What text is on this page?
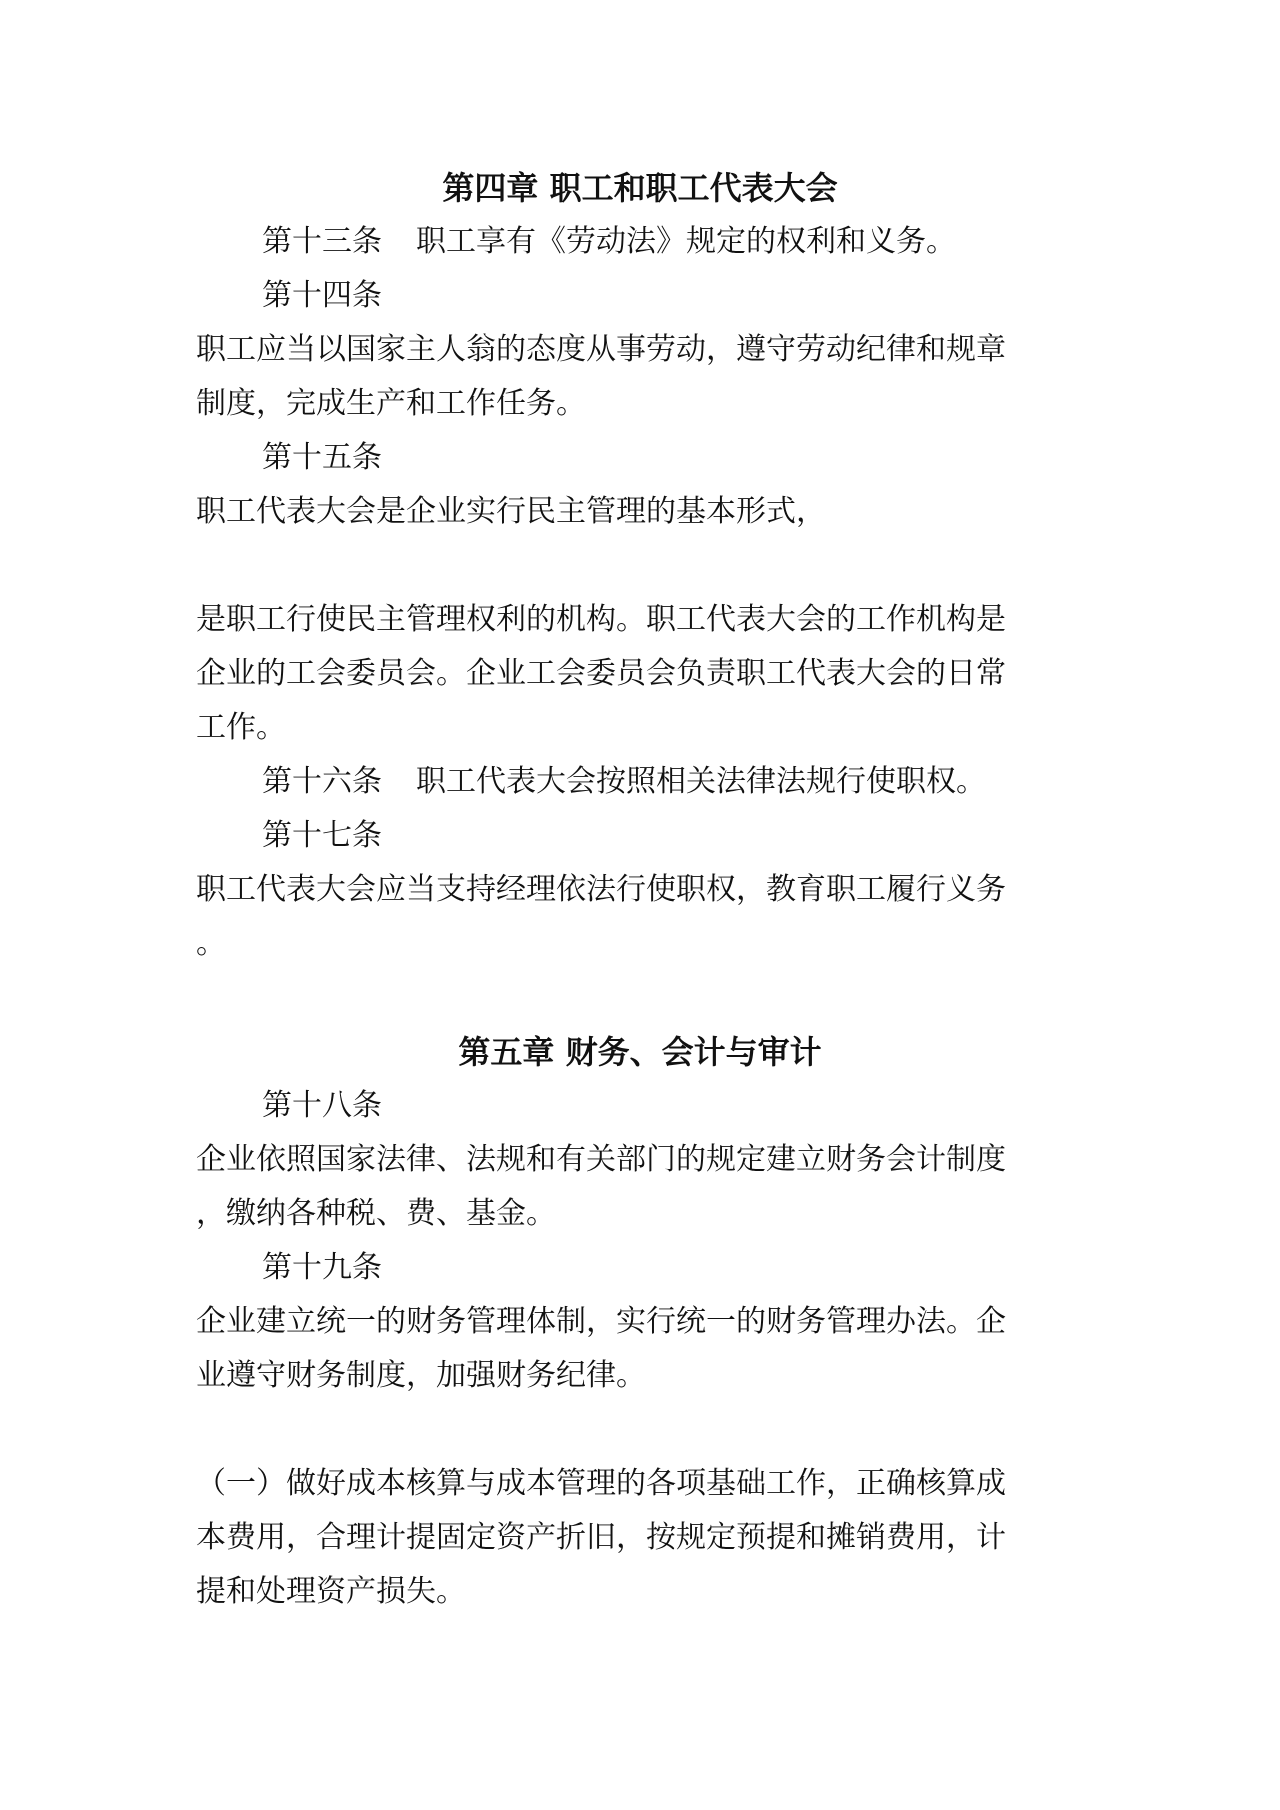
第四章 职工和职工代表大会
第十三条 职工享有《劳动法》规定的权利和义务。
第十四条
职工应当以国家主人翁的态度从事劳动，遵守劳动纪律和规章
制度，完成生产和工作任务。
第十五条
职工代表大会是企业实行民主管理的基本形式，
是职工行使民主管理权利的机构。职工代表大会的工作机构是
企业的工会委员会。企业工会委员会负责职工代表大会的日常
工作。
第十六条 职工代表大会按照相关法律法规行使职权。
第十七条
职工代表大会应当支持经理依法行使职权，教育职工履行义务
。
第五章 财务、会计与审计
第十八条
企业依照国家法律、法规和有关部门的规定建立财务会计制度
，缴纳各种税、费、基金。
第十九条
企业建立统一的财务管理体制，实行统一的财务管理办法。企
业遵守财务制度，加强财务纪律。
（一）做好成本核算与成本管理的各项基础工作，正确核算成
本费用，合理计提固定资产折旧，按规定预提和摊销费用，计
提和处理资产损失。
